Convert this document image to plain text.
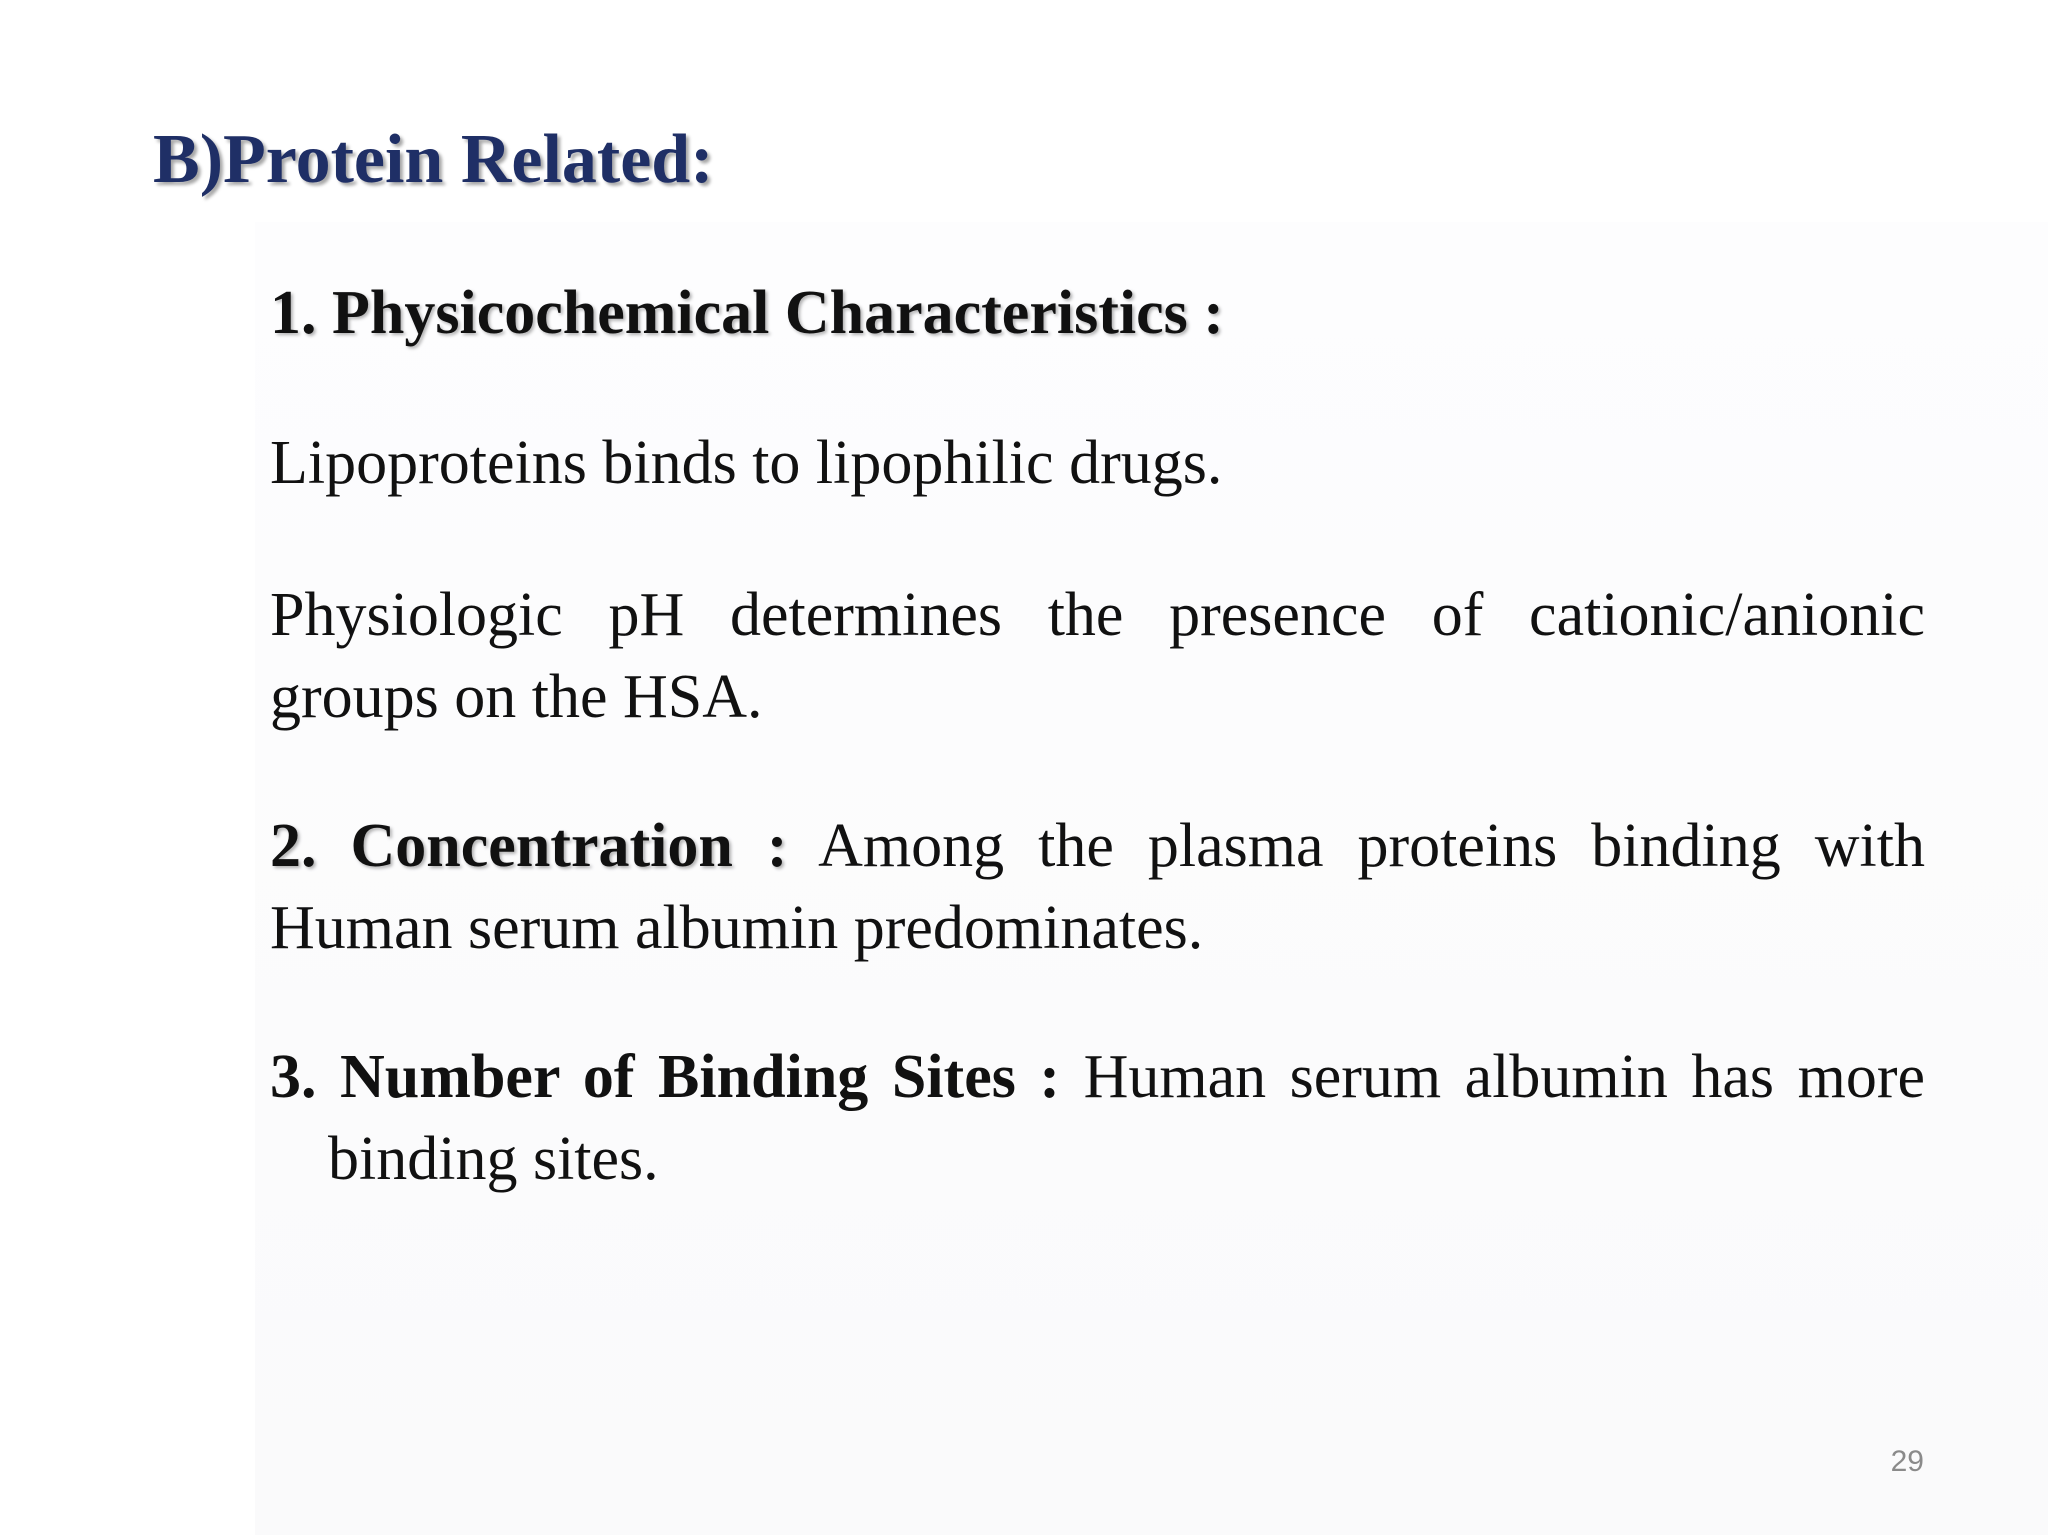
B)Protein Related:

1. Physicochemical Characteristics :

Lipoproteins binds to lipophilic drugs.

Physiologic pH determines the presence of cationic/anionic groups on the HSA.

2. Concentration : Among the plasma proteins binding with Human serum albumin predominates.

3. Number of Binding Sites : Human serum albumin has more binding sites.

29
